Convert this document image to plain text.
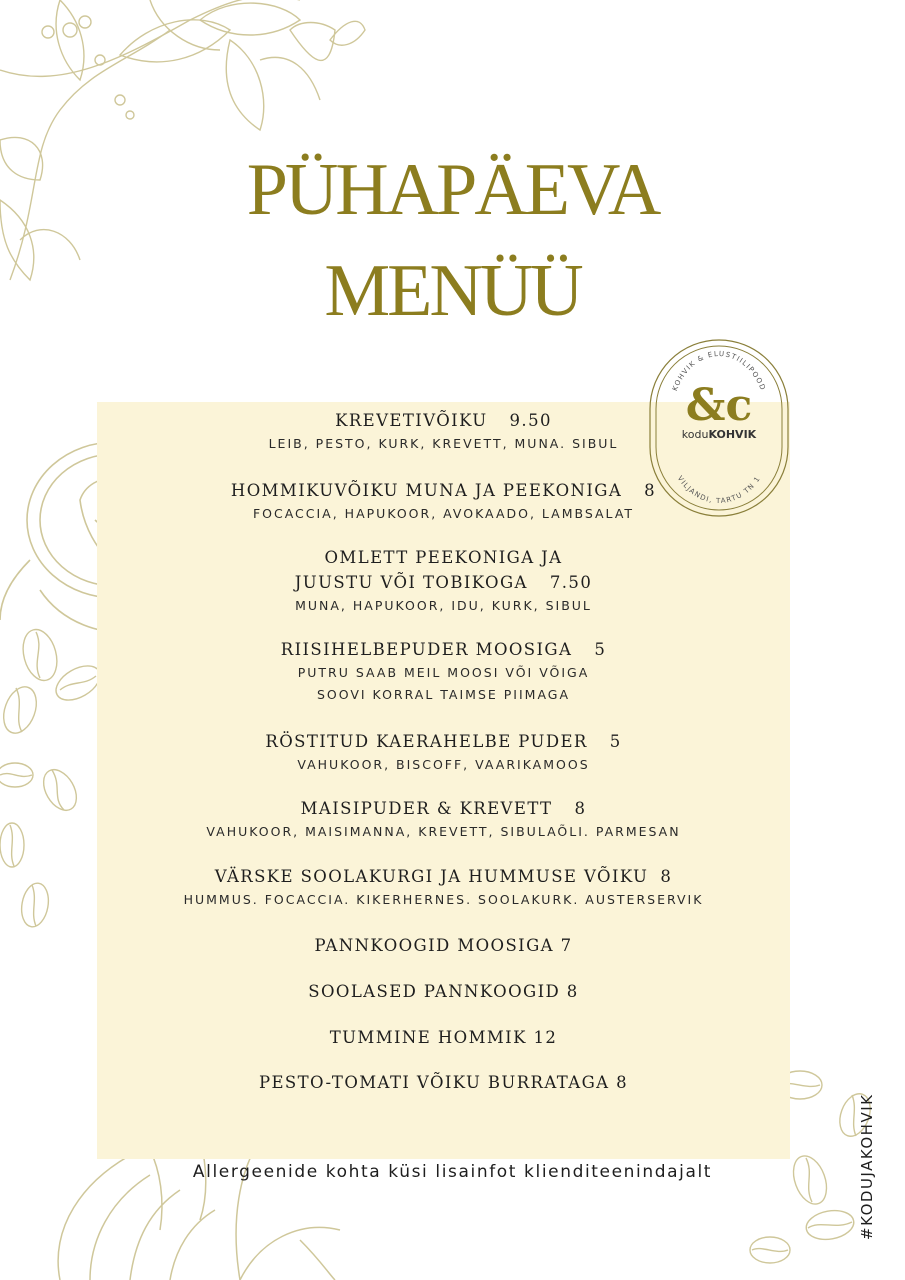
PÜHAPÄEVA
MENÜÜ
KOHVIK & ELUSTIILIPOOD
VILJANDI, TARTU TN 1
&c
koduKOHVIK
KREVETIVÕIKU 9.50
LEIB, PESTO, KURK, KREVETT, MUNA. SIBUL
HOMMIKUVÕIKU MUNA JA PEEKONIGA 8
FOCACCIA, HAPUKOOR, AVOKAADO, LAMBSALAT
OMLETT PEEKONIGA JA
JUUSTU VÕI TOBIKOGA 7.50
MUNA, HAPUKOOR, IDU, KURK, SIBUL
RIISIHELBEPUDER MOOSIGA 5
PUTRU SAAB MEIL MOOSI VÕI VÕIGA
SOOVI KORRAL TAIMSE PIIMAGA
RÖSTITUD KAERAHELBE PUDER 5
VAHUKOOR, BISCOFF, VAARIKAMOOS
MAISIPUDER & KREVETT 8
VAHUKOOR, MAISIMANNA, KREVETT, SIBULAÕLI. PARMESAN
VÄRSKE SOOLAKURGI JA HUMMUSE VÕIKU 8
HUMMUS. FOCACCIA. KIKERHERNES. SOOLAKURK. AUSTERSERVIK
PANNKOOGID MOOSIGA 7
SOOLASED PANNKOOGID 8
TUMMINE HOMMIK 12
PESTO-TOMATI VÕIKU BURRATAGA 8
Allergeenide kohta küsi lisainfot klienditeenindajalt	#KODUJAKOHVIK
